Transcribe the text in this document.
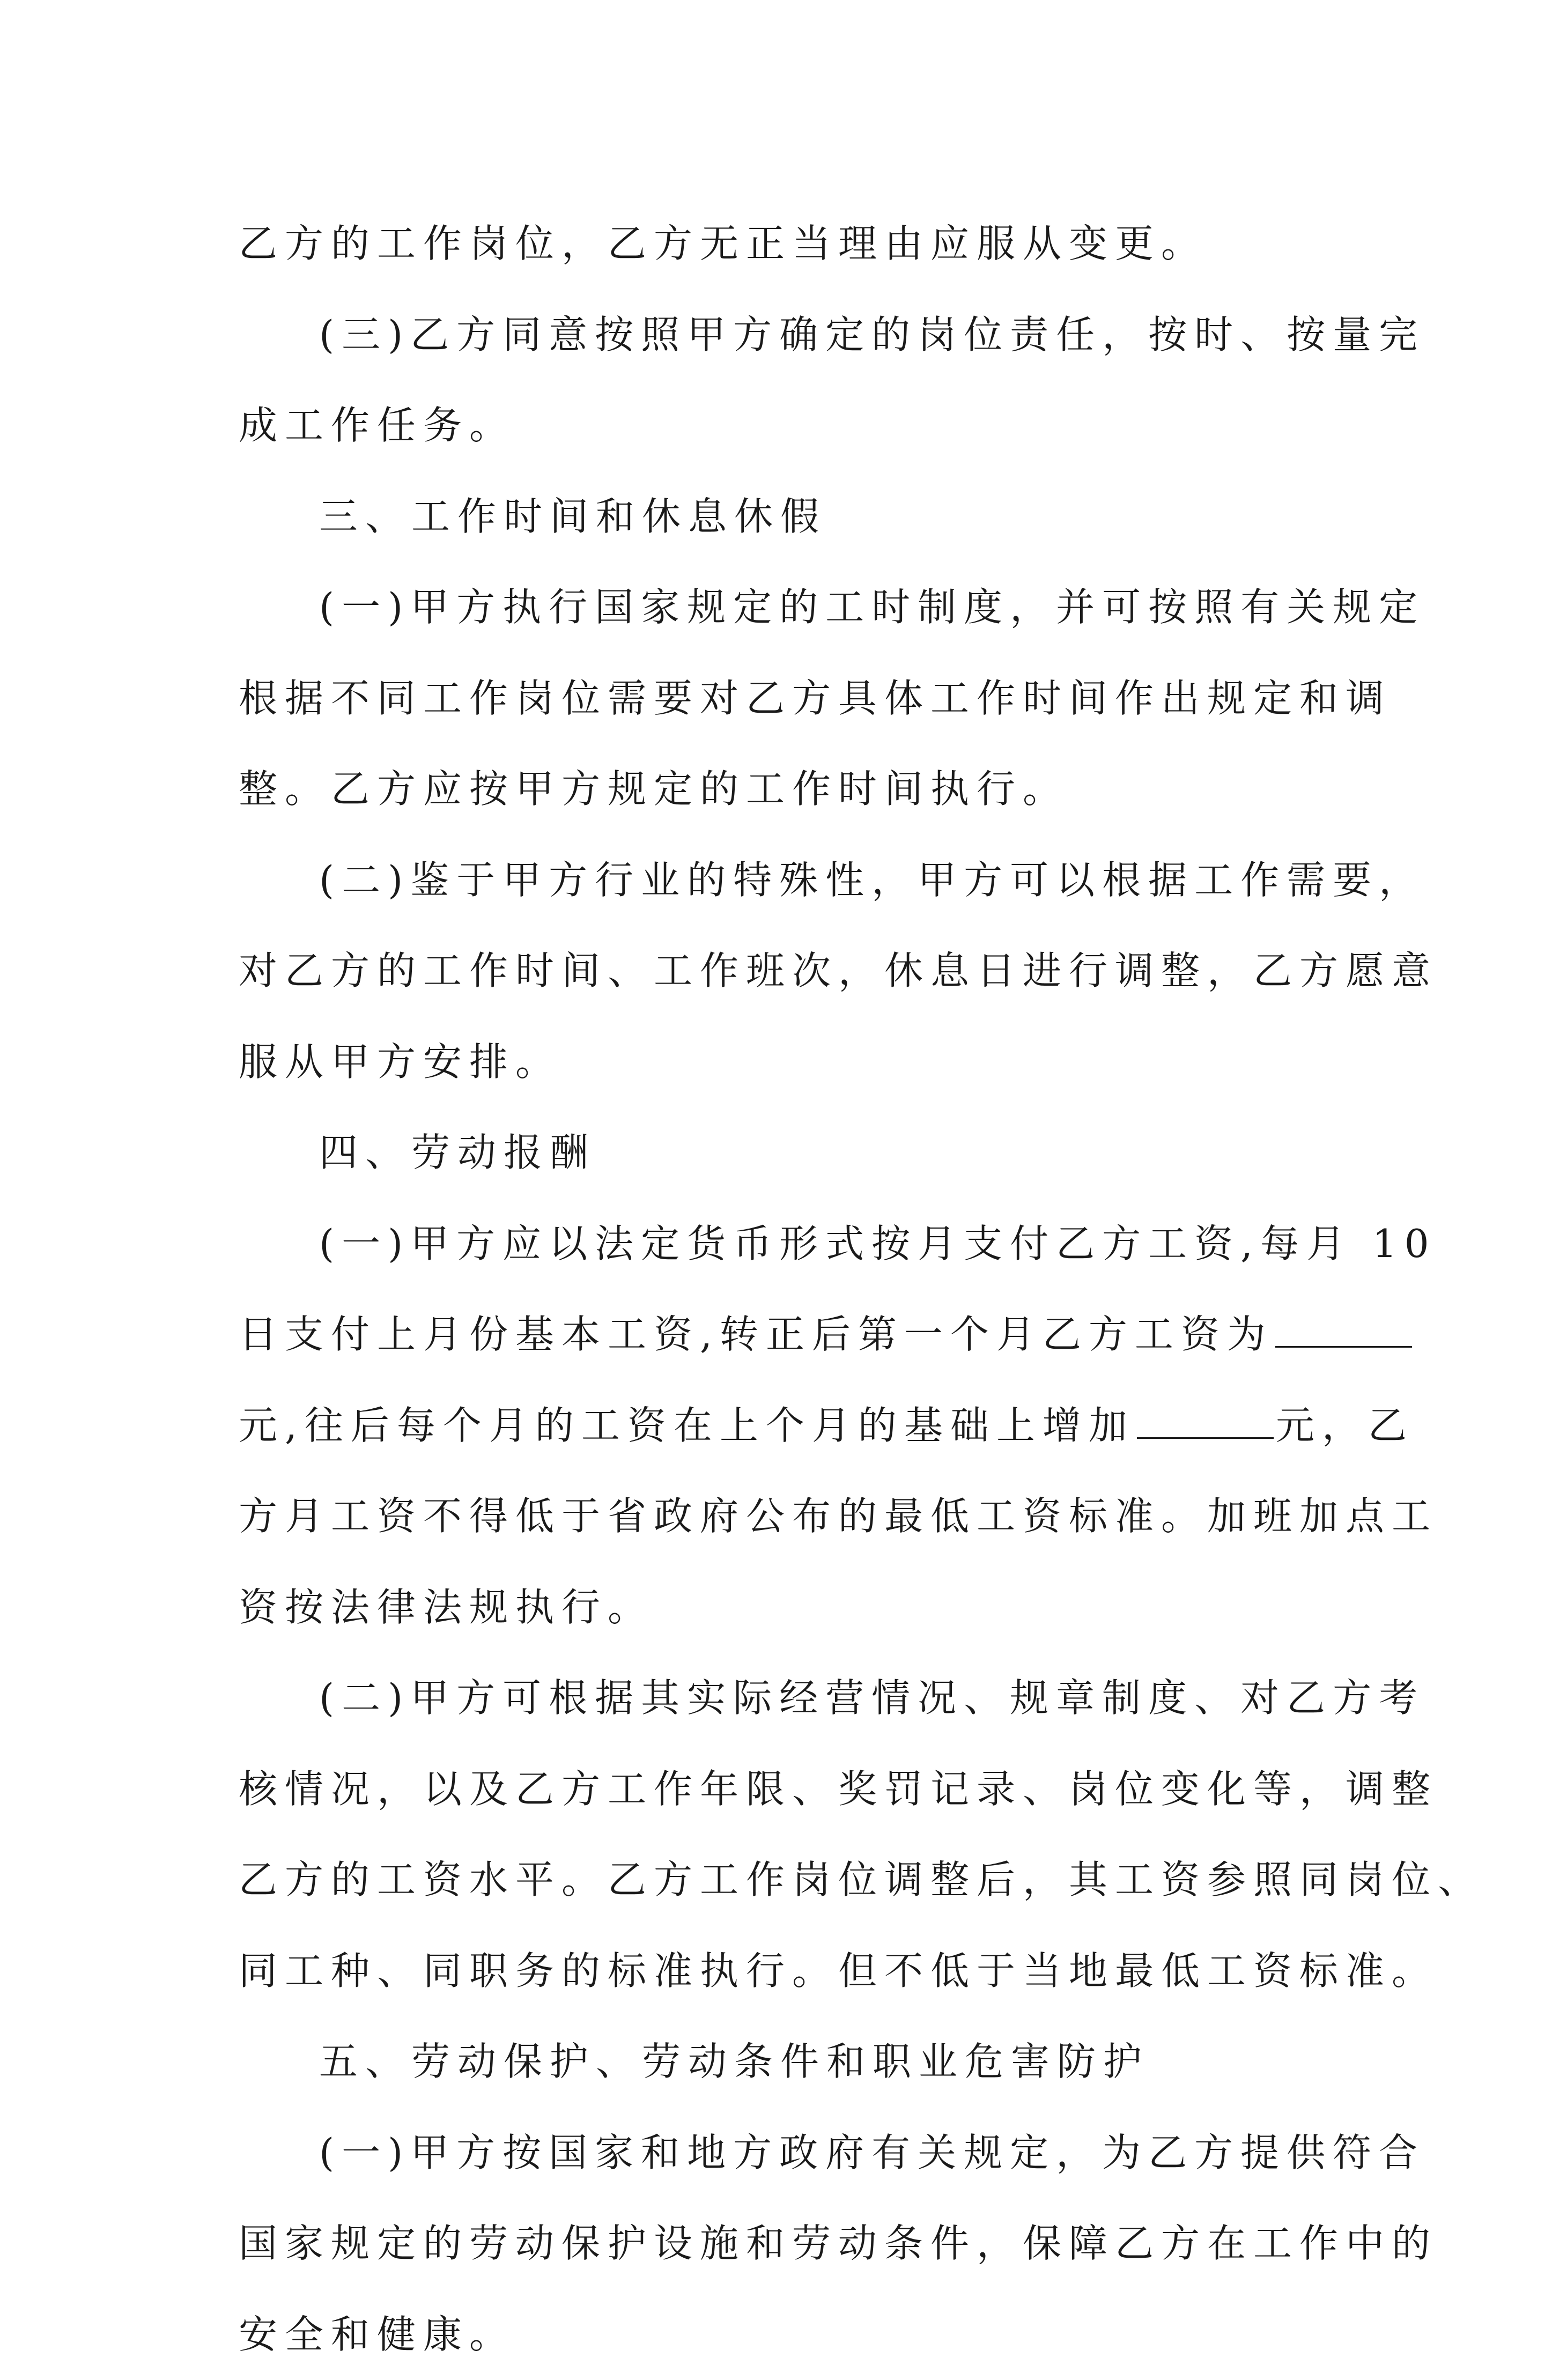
乙方的工作岗位，乙方无正当理由应服从变更。
(三)乙方同意按照甲方确定的岗位责任，按时、按量完
成工作任务。
三、工作时间和休息休假
(一)甲方执行国家规定的工时制度，并可按照有关规定
根据不同工作岗位需要对乙方具体工作时间作出规定和调
整。乙方应按甲方规定的工作时间执行。
(二)鉴于甲方行业的特殊性，甲方可以根据工作需要，
对乙方的工作时间、工作班次，休息日进行调整，乙方愿意
服从甲方安排。
四、劳动报酬
(一)甲方应以法定货币形式按月支付乙方工资,每月 10
日支付上月份基本工资,转正后第一个月乙方工资为
元,往后每个月的工资在上个月的基础上增加	元，乙
方月工资不得低于省政府公布的最低工资标准。加班加点工
资按法律法规执行。
(二)甲方可根据其实际经营情况、规章制度、对乙方考
核情况，以及乙方工作年限、奖罚记录、岗位变化等，调整
乙方的工资水平。乙方工作岗位调整后，其工资参照同岗位、
同工种、同职务的标准执行。但不低于当地最低工资标准。
五、劳动保护、劳动条件和职业危害防护
(一)甲方按国家和地方政府有关规定，为乙方提供符合
国家规定的劳动保护设施和劳动条件，保障乙方在工作中的
安全和健康。
